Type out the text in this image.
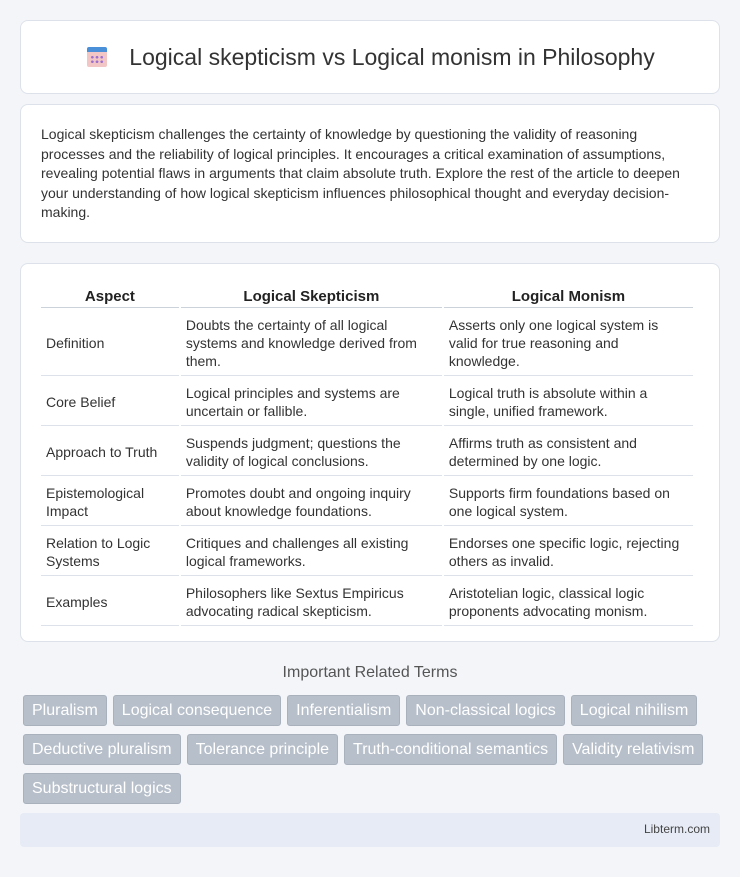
Logical skepticism vs Logical monism in Philosophy

Logical skepticism challenges the certainty of knowledge by questioning the validity of reasoning processes and the reliability of logical principles. It encourages a critical examination of assumptions, revealing potential flaws in arguments that claim absolute truth. Explore the rest of the article to deepen your understanding of how logical skepticism influences philosophical thought and everyday decision-making.

Aspect	Logical Skepticism	Logical Monism
Definition	Doubts the certainty of all logical systems and knowledge derived from them.	Asserts only one logical system is valid for true reasoning and knowledge.
Core Belief	Logical principles and systems are uncertain or fallible.	Logical truth is absolute within a single, unified framework.
Approach to Truth	Suspends judgment; questions the validity of logical conclusions.	Affirms truth as consistent and determined by one logic.
Epistemological Impact	Promotes doubt and ongoing inquiry about knowledge foundations.	Supports firm foundations based on one logical system.
Relation to Logic Systems	Critiques and challenges all existing logical frameworks.	Endorses one specific logic, rejecting others as invalid.
Examples	Philosophers like Sextus Empiricus advocating radical skepticism.	Aristotelian logic, classical logic proponents advocating monism.
Important Related Terms
Pluralism	Logical consequence	Inferentialism	Non-classical logics	Logical nihilism
Deductive pluralism	Tolerance principle	Truth-conditional semantics	Validity relativism
Substructural logics
Libterm.com
